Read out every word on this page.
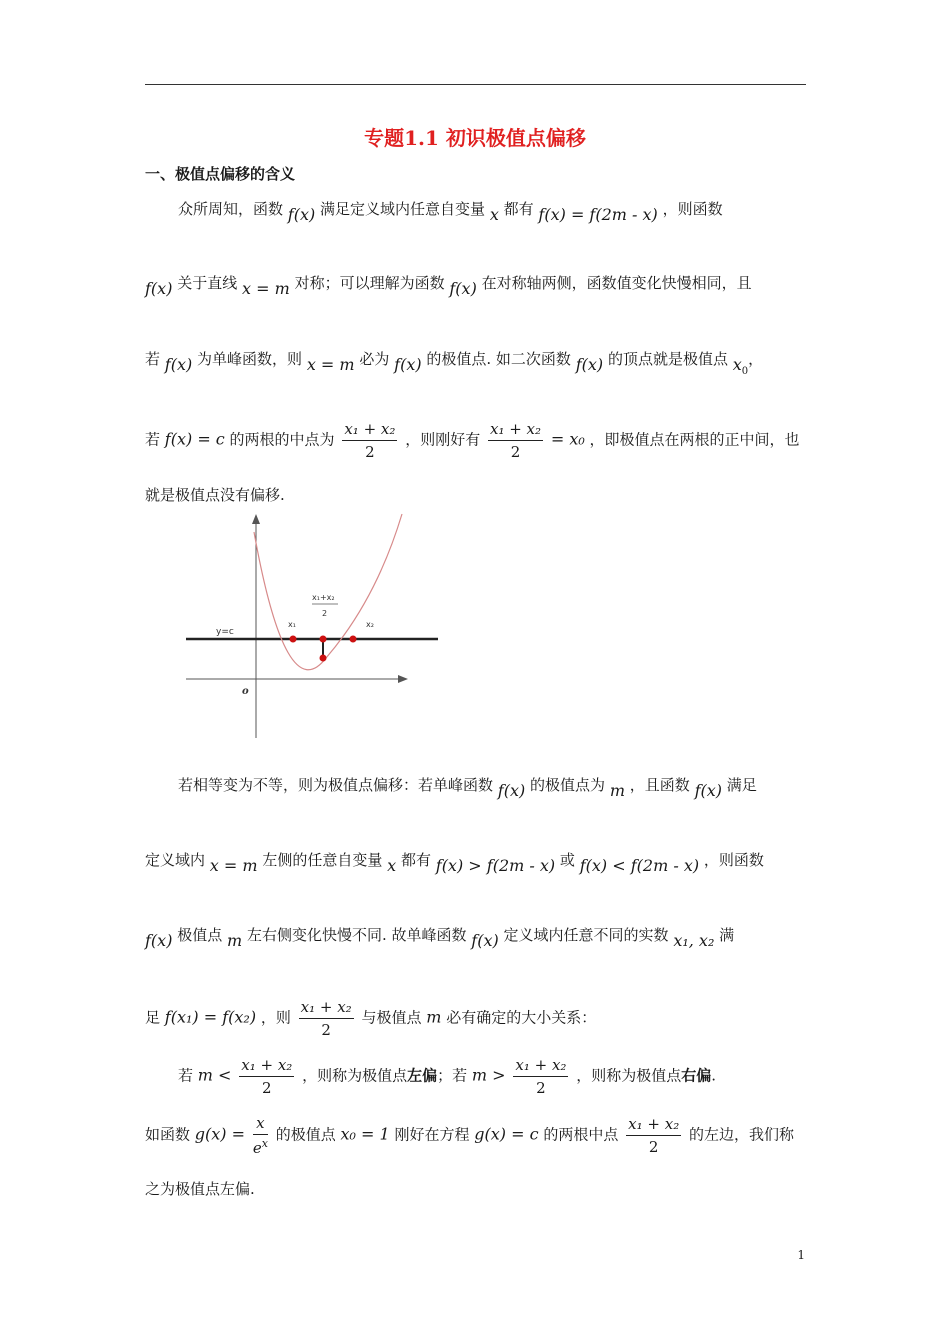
专题1.1 初识极值点偏移
一、极值点偏移的含义
众所周知，函数 f(x) 满足定义域内任意自变量 x 都有 f(x) = f(2m - x) ，则函数
f(x) 关于直线 x = m 对称；可以理解为函数 f(x) 在对称轴两侧，函数值变化快慢相同，且
若 f(x) 为单峰函数，则 x = m 必为 f(x) 的极值点. 如二次函数 f(x) 的顶点就是极值点 $x_0$，
若 f(x) = c 的两根的中点为 $\frac{\text{x₁ + x₂}}{2}$ ，则刚好有 $\frac{\text{x₁ + x₂}}{2} = x_0$ ，即极值点在两根的正中间，也
就是极值点没有偏移.
y=c
x₁	x₂
x₁+x₂
2
o
若相等变为不等，则为极值点偏移：若单峰函数 f(x) 的极值点为 m ，且函数 f(x) 满足
定义域内 x = m 左侧的任意自变量 x 都有 f(x) > f(2m - x) 或 f(x) < f(2m - x) ，则函数
f(x) 极值点 m 左右侧变化快慢不同. 故单峰函数 f(x) 定义域内任意不同的实数 x₁, x₂ 满
足 f(x₁) = f(x₂) ，则 $\frac{\text{x₁ + x₂}}{2}$ 与极值点 m 必有确定的大小关系：
若 $m < \frac{\text{x₁ + x₂}}{2}$ ，则称为极值点左偏；若 $m > \frac{\text{x₁ + x₂}}{2}$ ，则称为极值点右偏.
如函数 $g(x) = \frac{x}{e^x}$ 的极值点 x₀ = 1 刚好在方程 g(x) = c 的两根中点 $\frac{\text{x₁ + x₂}}{2}$ 的左边，我们称
之为极值点左偏.
1
